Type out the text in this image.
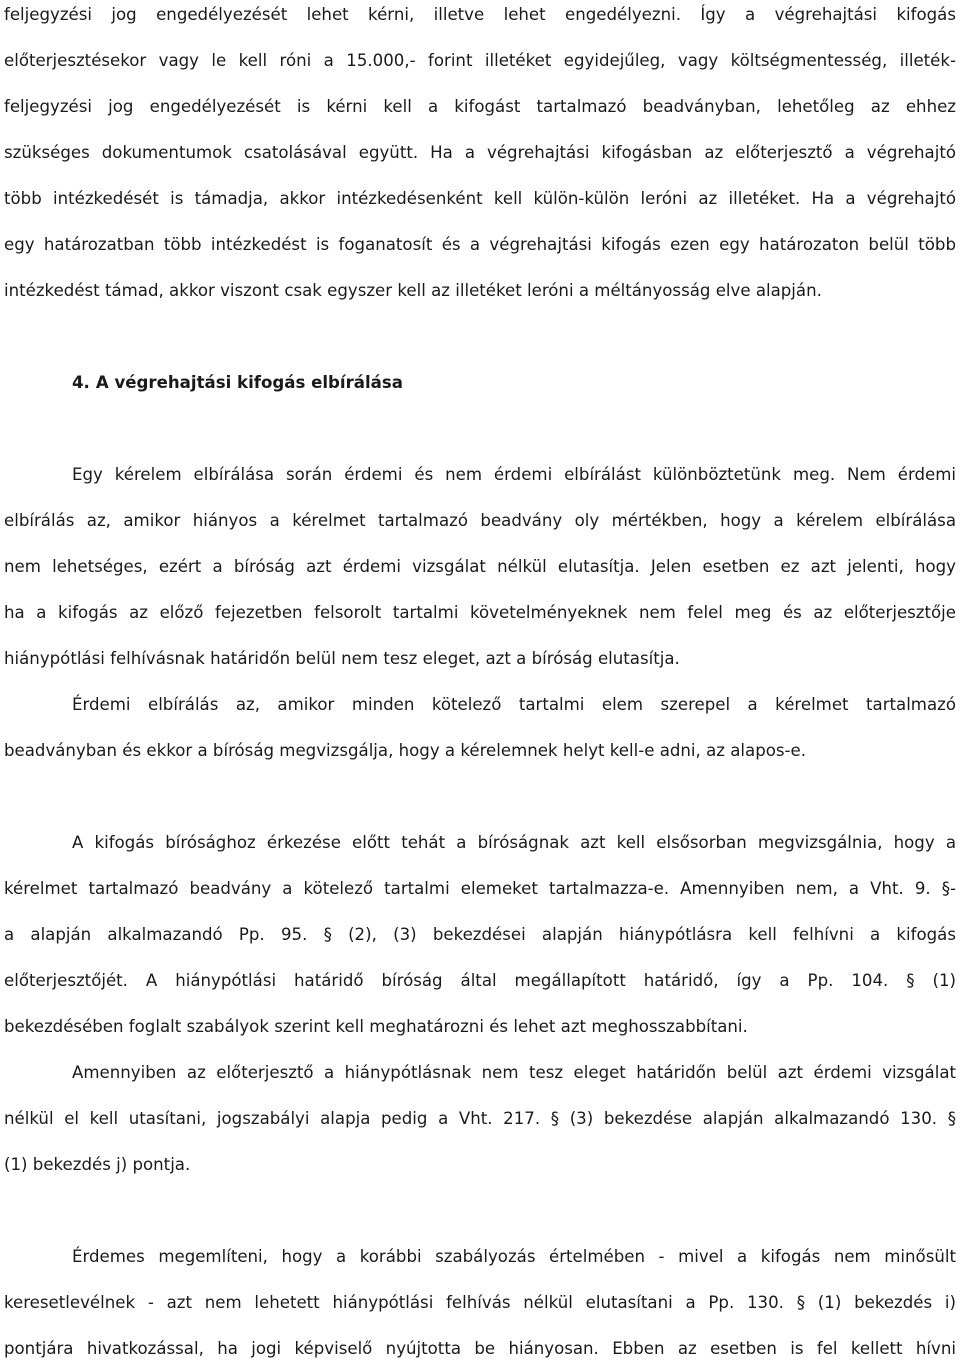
feljegyzési jog engedélyezését lehet kérni, illetve lehet engedélyezni. Így a végrehajtási kifogás
előterjesztésekor vagy le kell róni a 15.000,- forint illetéket egyidejűleg, vagy költségmentesség, illeték-
feljegyzési jog engedélyezését is kérni kell a kifogást tartalmazó beadványban, lehetőleg az ehhez
szükséges dokumentumok csatolásával együtt. Ha a végrehajtási kifogásban az előterjesztő a végrehajtó
több intézkedését is támadja, akkor intézkedésenként kell külön-külön leróni az illetéket. Ha a végrehajtó
egy határozatban több intézkedést is foganatosít és a végrehajtási kifogás ezen egy határozaton belül több
intézkedést támad, akkor viszont csak egyszer kell az illetéket leróni a méltányosság elve alapján.
4. A végrehajtási kifogás elbírálása
Egy kérelem elbírálása során érdemi és nem érdemi elbírálást különböztetünk meg. Nem érdemi
elbírálás az, amikor hiányos a kérelmet tartalmazó beadvány oly mértékben, hogy a kérelem elbírálása
nem lehetséges, ezért a bíróság azt érdemi vizsgálat nélkül elutasítja. Jelen esetben ez azt jelenti, hogy
ha a kifogás az előző fejezetben felsorolt tartalmi követelményeknek nem felel meg és az előterjesztője
hiánypótlási felhívásnak határidőn belül nem tesz eleget, azt a bíróság elutasítja.
Érdemi elbírálás az, amikor minden kötelező tartalmi elem szerepel a kérelmet tartalmazó
beadványban és ekkor a bíróság megvizsgálja, hogy a kérelemnek helyt kell-e adni, az alapos-e.
A kifogás bírósághoz érkezése előtt tehát a bíróságnak azt kell elsősorban megvizsgálnia, hogy a
kérelmet tartalmazó beadvány a kötelező tartalmi elemeket tartalmazza-e. Amennyiben nem, a Vht. 9. §-
a alapján alkalmazandó Pp. 95. § (2), (3) bekezdései alapján hiánypótlásra kell felhívni a kifogás
előterjesztőjét. A hiánypótlási határidő bíróság által megállapított határidő, így a Pp. 104. § (1)
bekezdésében foglalt szabályok szerint kell meghatározni és lehet azt meghosszabbítani.
Amennyiben az előterjesztő a hiánypótlásnak nem tesz eleget határidőn belül azt érdemi vizsgálat
nélkül el kell utasítani, jogszabályi alapja pedig a Vht. 217. § (3) bekezdése alapján alkalmazandó 130. §
(1) bekezdés j) pontja.
Érdemes megemlíteni, hogy a korábbi szabályozás értelmében - mivel a kifogás nem minősült
keresetlevélnek - azt nem lehetett hiánypótlási felhívás nélkül elutasítani a Pp. 130. § (1) bekezdés i)
pontjára hivatkozással, ha jogi képviselő nyújtotta be hiányosan. Ebben az esetben is fel kellett hívni
